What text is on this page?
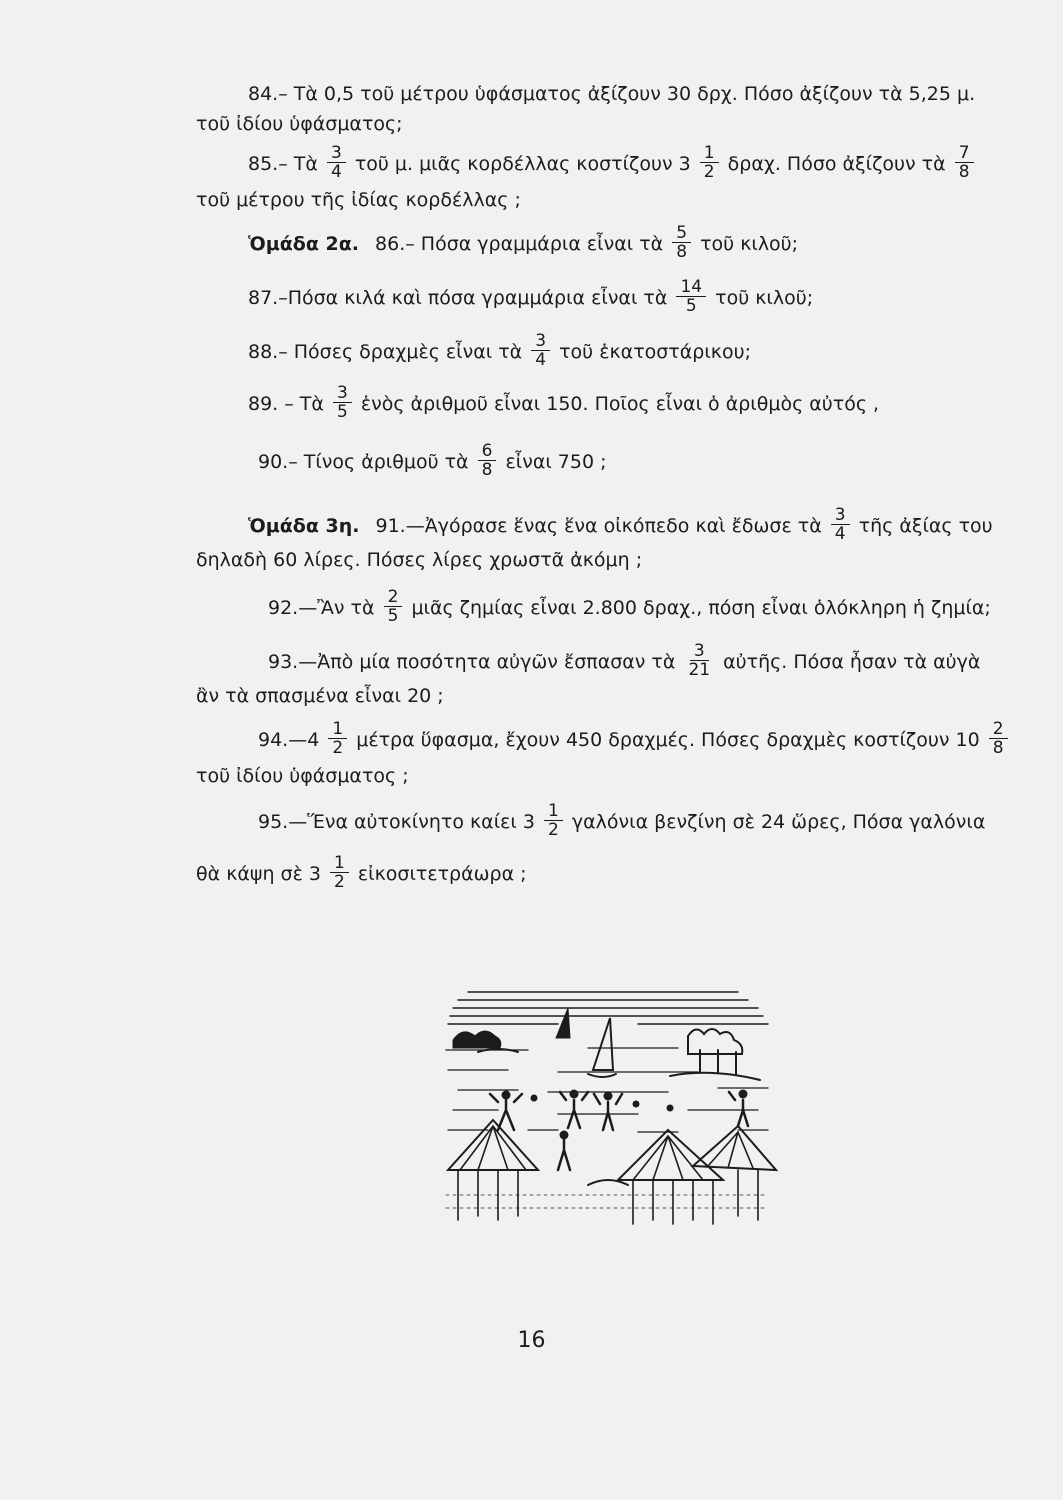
84.– Τὰ 0,5 τοῦ μέτρου ὑφάσματος ἀξίζουν 30 δρχ. Πόσο ἀξίζουν τὰ 5,25 μ.
τοῦ ἰδίου ὑφάσματος;
85.– Τὰ $\frac{3}{4}$ τοῦ μ. μιᾶς κορδέλλας κοστίζουν $3 \frac{1}{2} \delta\rho\alpha\chi$. Πόσο ἀξίζουν τὰ $\frac{7}{8}$
τοῦ μέτρου τῆς ἰδίας κορδέλλας ;
Ὁμάδα 2α. 86.– Πόσα γραμμάρια εἶναι τὰ $\frac{5}{8}$ τοῦ κιλοῦ;
87.–Πόσα κιλά καὶ πόσα γραμμάρια εἶναι τὰ $\frac{14}{5}$ τοῦ κιλοῦ;
88.– Πόσες δραχμὲς εἶναι τὰ $\frac{3}{4}$ τοῦ ἑκατοστάρικου;
89. – Τὰ $\frac{3}{5}$ ἑνὸς ἀριθμοῦ εἶναι 150. Ποῖος εἶναι ὁ ἀριθμὸς αὐτός ,
90.– Τίνος ἀριθμοῦ τὰ $\frac{6}{8}$ εἶναι 750 ;
Ὁμάδα 3η. 91.—Ἀγόρασε ἕνας ἕνα οἰκόπεδο καὶ ἔδωσε τὰ $\frac{3}{4}$ τῆς ἀξίας του
δηλαδὴ 60 λίρες. Πόσες λίρες χρωστᾶ ἀκόμη ;
92.—Ἂν τὰ $\frac{2}{5}$ μιᾶς ζημίας εἶναι 2.800 δραχ., πόση εἶναι ὁλόκληρη ἡ ζημία;
93.—Ἀπὸ μία ποσότητα αὐγῶν ἔσπασαν τὰ $\frac{3}{21}$ αὐτῆς. Πόσα ἦσαν τὰ αὐγὰ
ἂν τὰ σπασμένα εἶναι 20 ;
94.—4 $\frac{1}{2}$ μέτρα ὕφασμα, ἔχουν 450 δραχμές. Πόσες δραχμὲς κοστίζουν $10 \frac{2}{8}$
τοῦ ἰδίου ὑφάσματος ;
95.—Ἕνα αὐτοκίνητο καίει $3 \frac{1}{2}$ γαλόνια βενζίνη σὲ 24 ὥρες, Πόσα γαλόνια
θὰ κάψη σὲ $3 \frac{1}{2}$ εἰκοσιτετράωρα ;
16
